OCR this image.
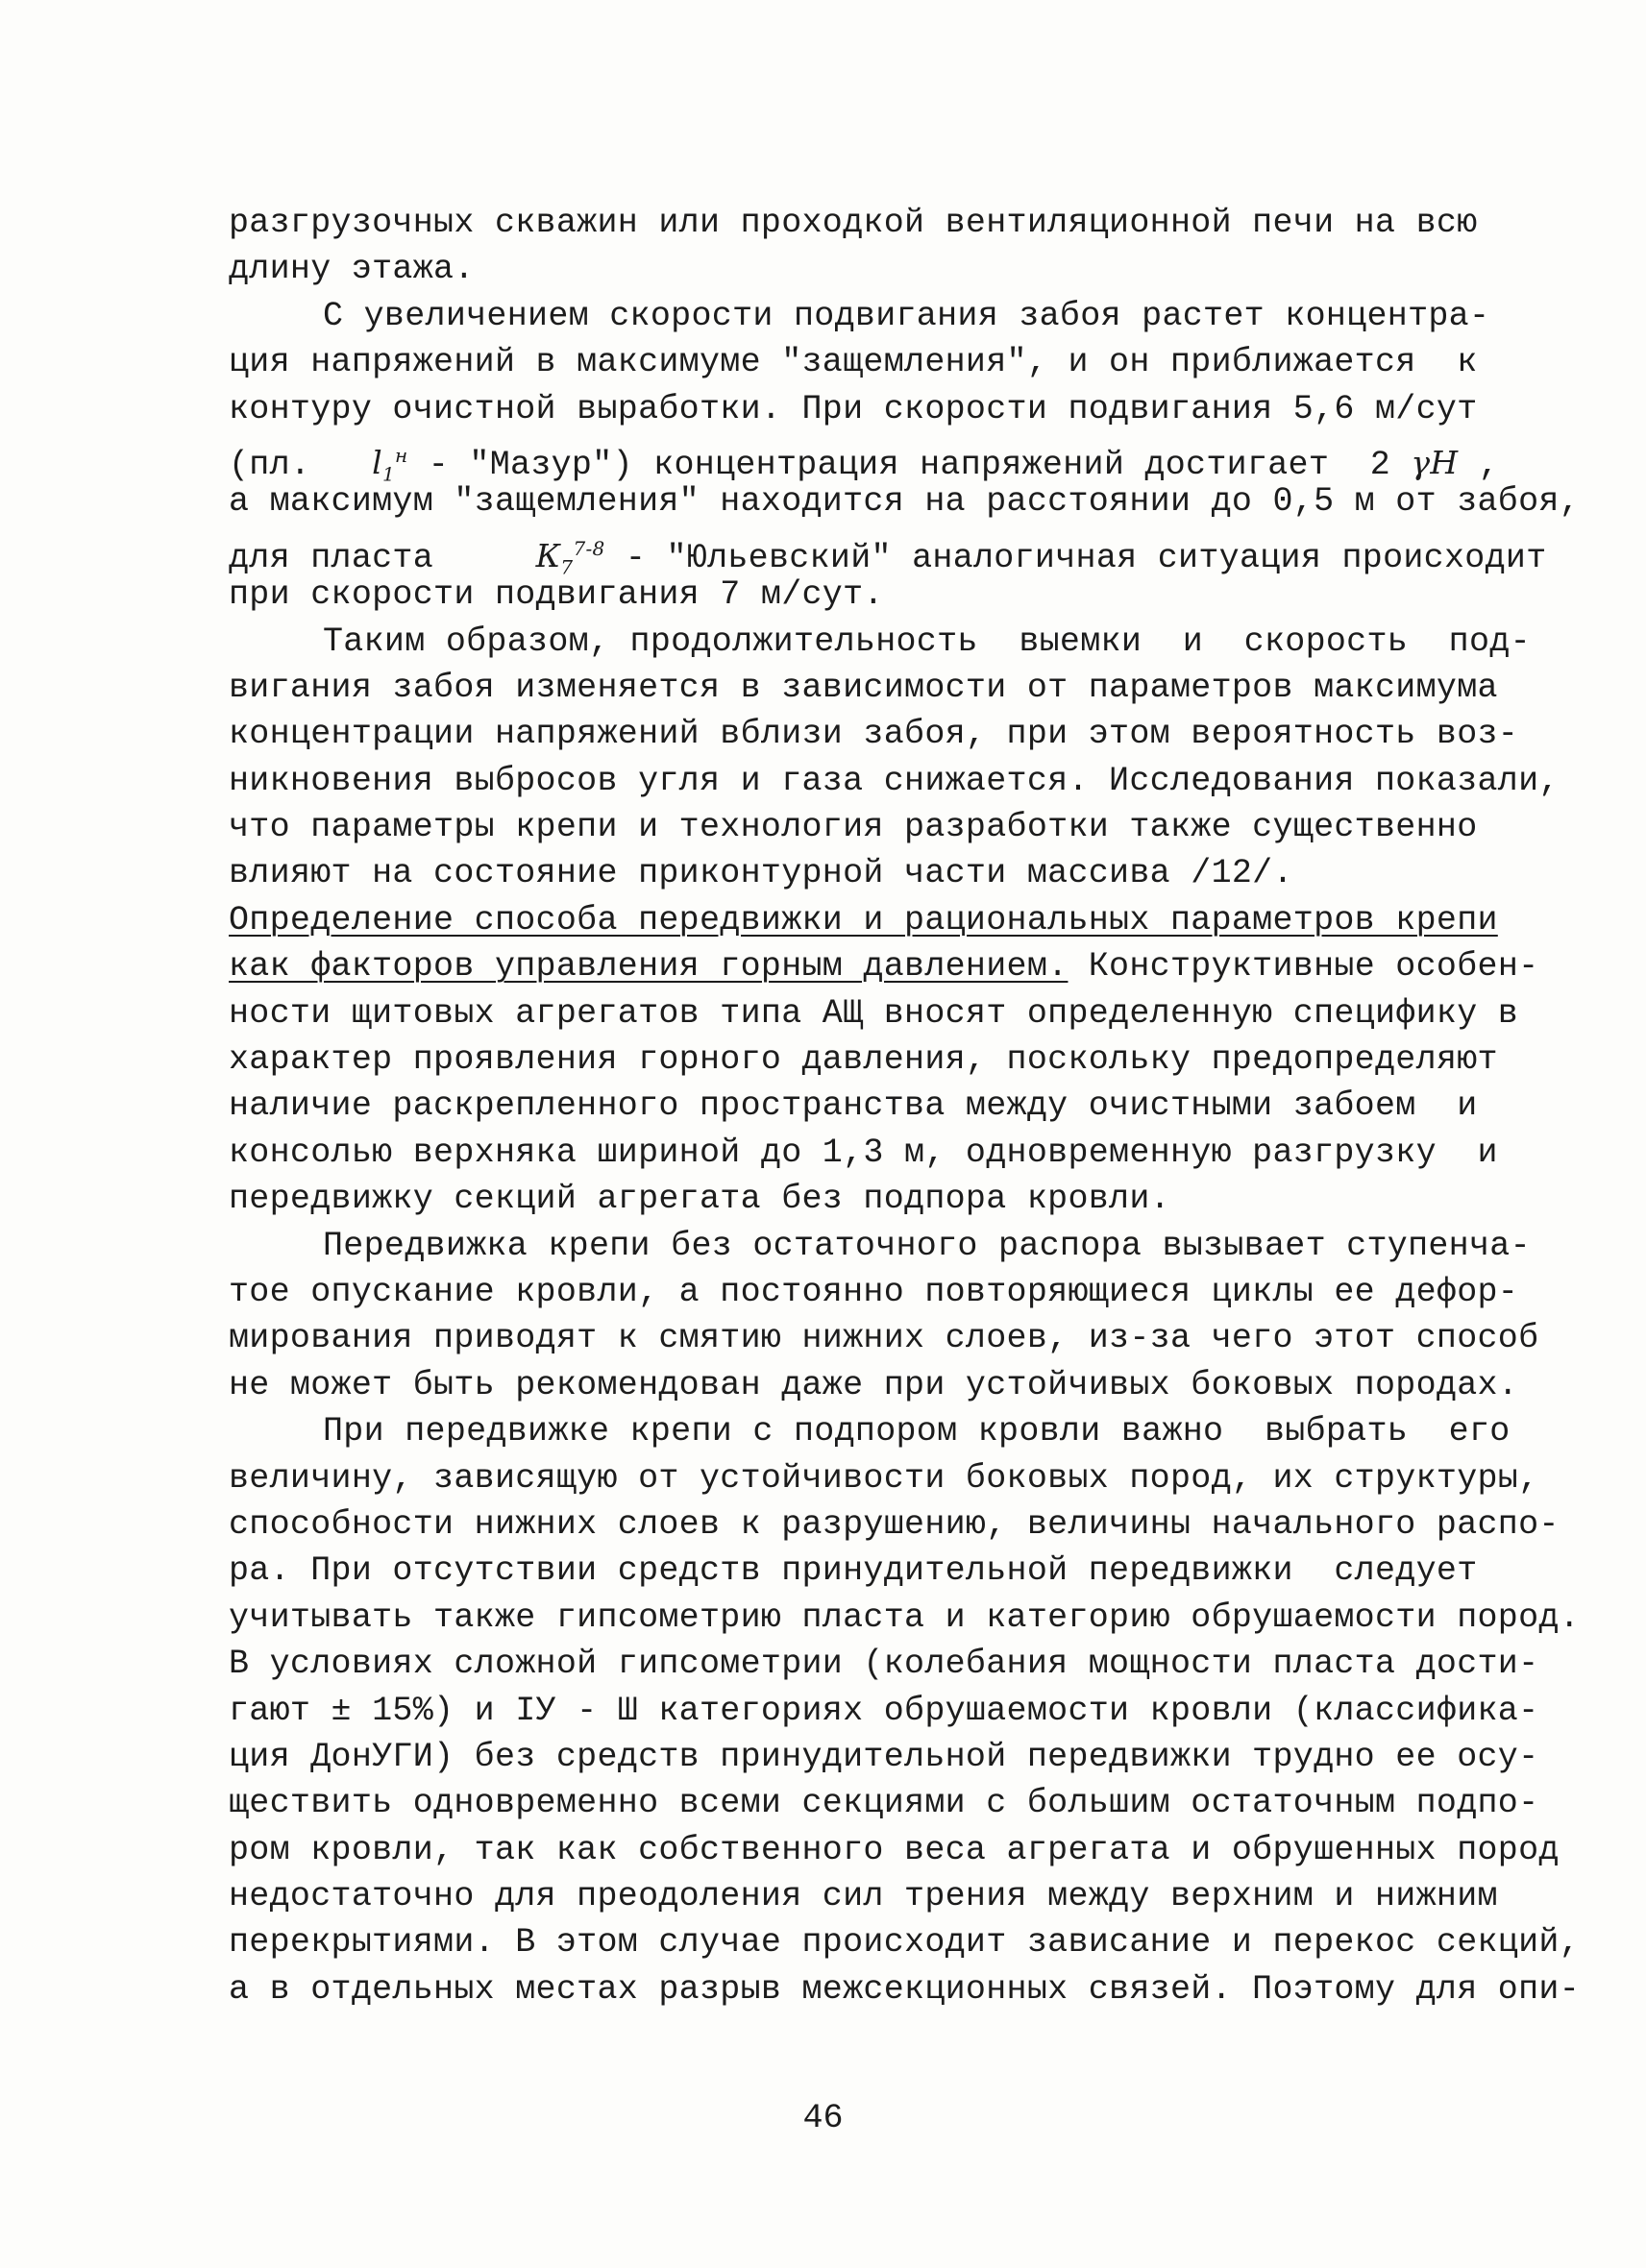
разгрузочных скважин или проходкой вентиляционной печи на всю
длину этажа.
С увеличением скорости подвигания забоя растет концентра-
ция напряжений в максимуме "защемления", и он приближается  к
контуру очистной выработки. При скорости подвигания 5,6 м/сут
(пл.   $l_1^н$ - "Мазур") концентрация напряжений достигает  2 γН ,
а максимум "защемления" находится на расстоянии до 0,5 м от забоя,
для пласта     $К_7^{7-8}$ - "Юльевский" аналогичная ситуация происходит
при скорости подвигания 7 м/сут.
Таким образом, продолжительность  выемки  и  скорость  под-
вигания забоя изменяется в зависимости от параметров максимума
концентрации напряжений вблизи забоя, при этом вероятность воз-
никновения выбросов угля и газа снижается. Исследования показали,
что параметры крепи и технология разработки также существенно
влияют на состояние приконтурной части массива /12/.
Определение способа передвижки и рациональных параметров крепи
как факторов управления горным давлением. Конструктивные особен-
ности щитовых агрегатов типа АЩ вносят определенную специфику в
характер проявления горного давления, поскольку предопределяют
наличие раскрепленного пространства между очистными забоем  и
консолью верхняка шириной до 1,3 м, одновременную разгрузку  и
передвижку секций агрегата без подпора кровли.
Передвижка крепи без остаточного распора вызывает ступенча-
тое опускание кровли, а постоянно повторяющиеся циклы ее дефор-
мирования приводят к смятию нижних слоев, из-за чего этот способ
не может быть рекомендован даже при устойчивых боковых породах.
При передвижке крепи с подпором кровли важно  выбрать  его
величину, зависящую от устойчивости боковых пород, их структуры,
способности нижних слоев к разрушению, величины начального распо-
ра. При отсутствии средств принудительной передвижки  следует
учитывать также гипсометрию пласта и категорию обрушаемости пород.
В условиях сложной гипсометрии (колебания мощности пласта дости-
гают ± 15%) и IУ - Ш категориях обрушаемости кровли (классифика-
ция ДонУГИ) без средств принудительной передвижки трудно ее осу-
ществить одновременно всеми секциями с большим остаточным подпо-
ром кровли, так как собственного веса агрегата и обрушенных пород
недостаточно для преодоления сил трения между верхним и нижним
перекрытиями. В этом случае происходит зависание и перекос секций,
а в отдельных местах разрыв межсекционных связей. Поэтому для опи-
46
